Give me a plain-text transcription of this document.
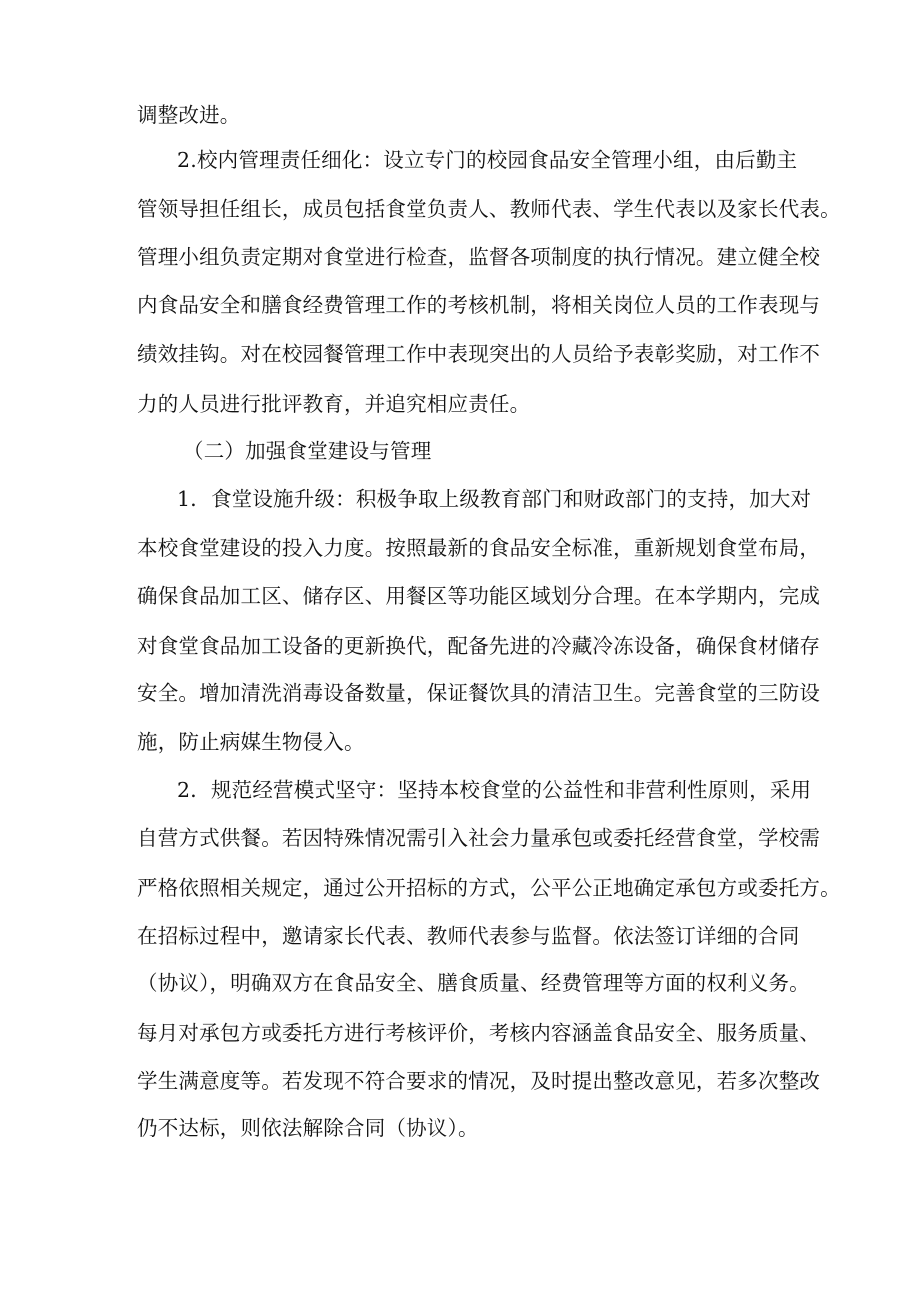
调整改进。
2.校内管理责任细化：设立专门的校园食品安全管理小组，由后勤主
管领导担任组长，成员包括食堂负责人、教师代表、学生代表以及家长代表。
管理小组负责定期对食堂进行检查，监督各项制度的执行情况。建立健全校
内食品安全和膳食经费管理工作的考核机制，将相关岗位人员的工作表现与
绩效挂钩。对在校园餐管理工作中表现突出的人员给予表彰奖励，对工作不
力的人员进行批评教育，并追究相应责任。
（二）加强食堂建设与管理
1．食堂设施升级：积极争取上级教育部门和财政部门的支持，加大对
本校食堂建设的投入力度。按照最新的食品安全标准，重新规划食堂布局，
确保食品加工区、储存区、用餐区等功能区域划分合理。在本学期内，完成
对食堂食品加工设备的更新换代，配备先进的冷藏冷冻设备，确保食材储存
安全。增加清洗消毒设备数量，保证餐饮具的清洁卫生。完善食堂的三防设
施，防止病媒生物侵入。
2．规范经营模式坚守：坚持本校食堂的公益性和非营利性原则，采用
自营方式供餐。若因特殊情况需引入社会力量承包或委托经营食堂，学校需
严格依照相关规定，通过公开招标的方式，公平公正地确定承包方或委托方。
在招标过程中，邀请家长代表、教师代表参与监督。依法签订详细的合同
（协议），明确双方在食品安全、膳食质量、经费管理等方面的权利义务。
每月对承包方或委托方进行考核评价，考核内容涵盖食品安全、服务质量、
学生满意度等。若发现不符合要求的情况，及时提出整改意见，若多次整改
仍不达标，则依法解除合同（协议）。
